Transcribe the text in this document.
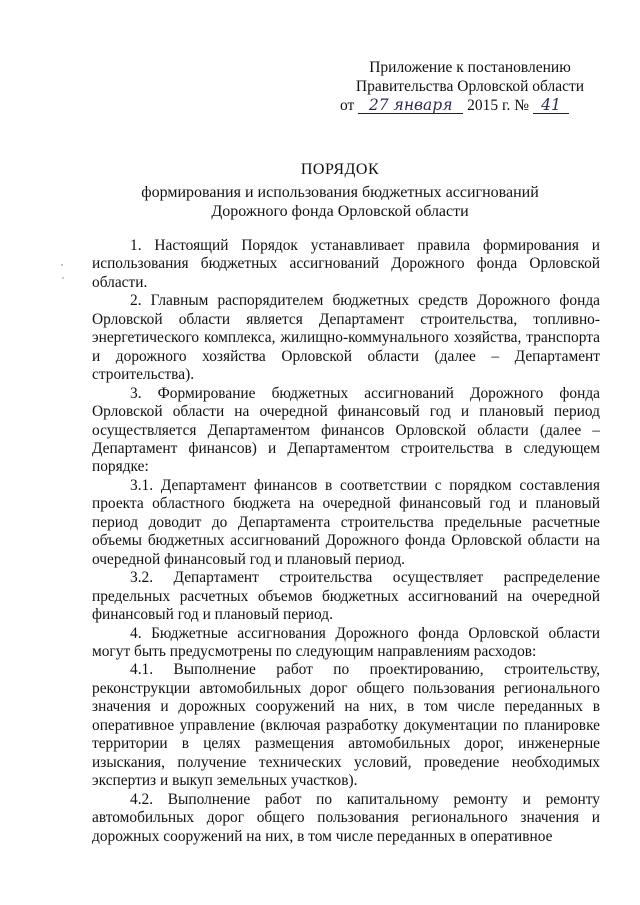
Приложение к постановлению
Правительства Орловской области
от 27 января 2015 г. № 41
ПОРЯДОК
формирования и использования бюджетных ассигнований
Дорожного фонда Орловской области

1. Настоящий Порядок устанавливает правила формирования и использования бюджетных ассигнований Дорожного фонда Орловской области.

2. Главным распорядителем бюджетных средств Дорожного фонда Орловской области является Департамент строительства, топливно-энергетического комплекса, жилищно-коммунального хозяйства, транспорта и дорожного хозяйства Орловской области (далее – Департамент строительства).

3. Формирование бюджетных ассигнований Дорожного фонда Орловской области на очередной финансовый год и плановый период осуществляется Департаментом финансов Орловской области (далее – Департамент финансов) и Департаментом строительства в следующем порядке:

3.1. Департамент финансов в соответствии с порядком составления проекта областного бюджета на очередной финансовый год и плановый период доводит до Департамента строительства предельные расчетные объемы бюджетных ассигнований Дорожного фонда Орловской области на очередной финансовый год и плановый период.

3.2. Департамент строительства осуществляет распределение предельных расчетных объемов бюджетных ассигнований на очередной финансовый год и плановый период.

4. Бюджетные ассигнования Дорожного фонда Орловской области могут быть предусмотрены по следующим направлениям расходов:

4.1. Выполнение работ по проектированию, строительству, реконструкции автомобильных дорог общего пользования регионального значения и дорожных сооружений на них, в том числе переданных в оперативное управление (включая разработку документации по планировке территории в целях размещения автомобильных дорог, инженерные изыскания, получение технических условий, проведение необходимых экспертиз и выкуп земельных участков).

4.2. Выполнение работ по капитальному ремонту и ремонту автомобильных дорог общего пользования регионального значения и дорожных сооружений на них, в том числе переданных в оперативное
